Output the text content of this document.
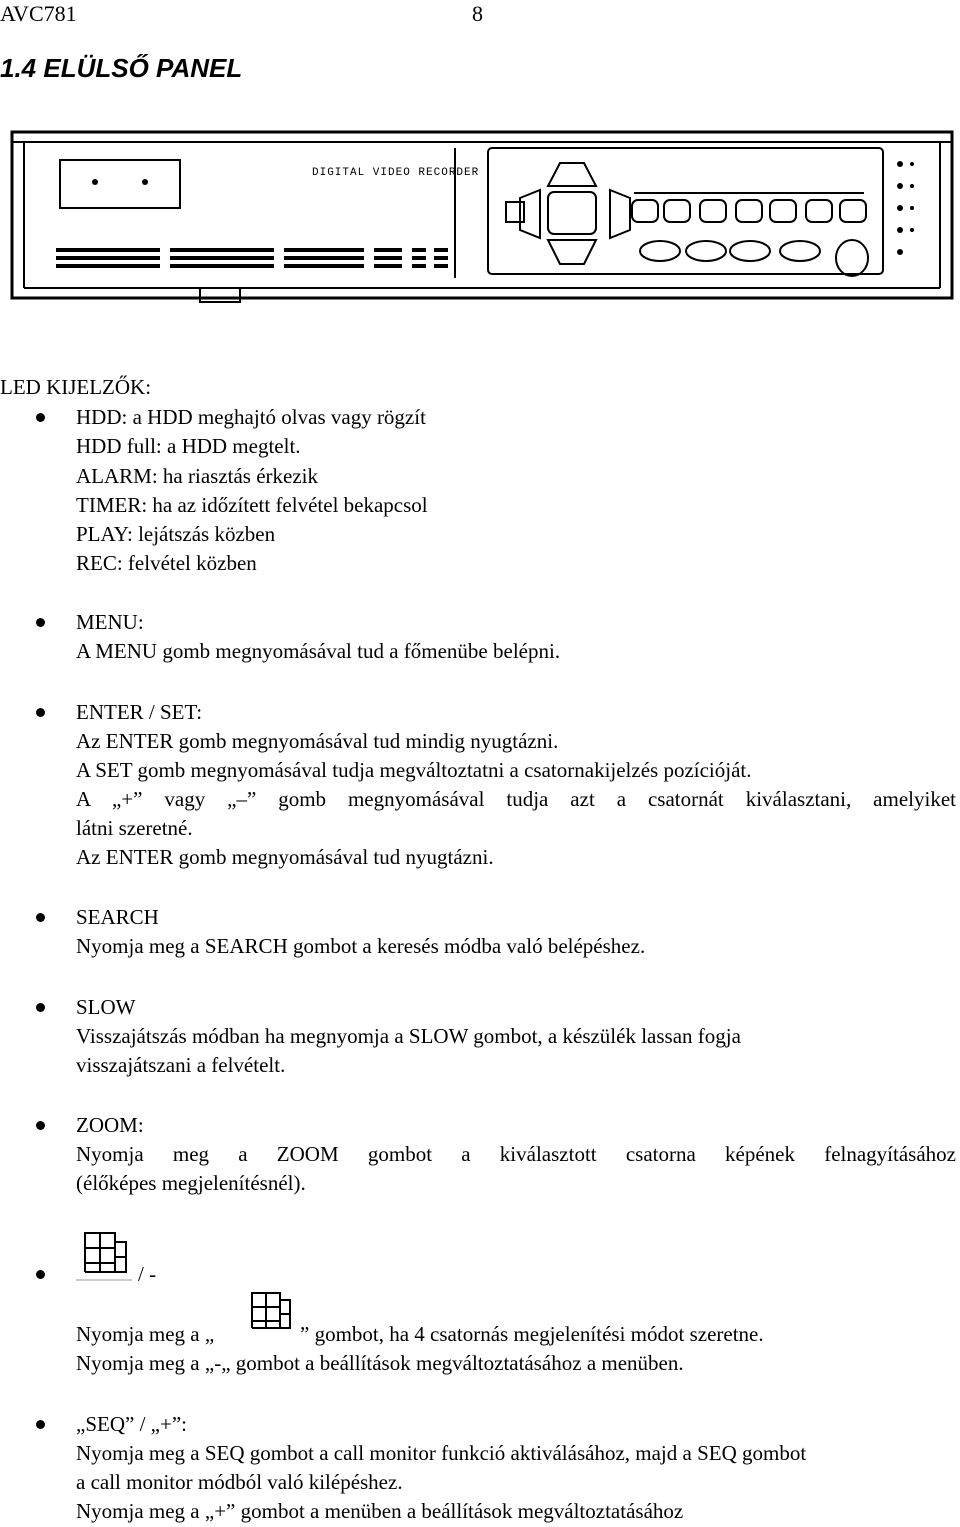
AVC781	8
1.4 ELÜLSŐ PANEL
DIGITAL VIDEO RECORDER
LED KIJELZŐK:
HDD: a HDD meghajtó olvas vagy rögzít
HDD full: a HDD megtelt.
ALARM: ha riasztás érkezik
TIMER: ha az időzített felvétel bekapcsol
PLAY: lejátszás közben
REC: felvétel közben
MENU:
A MENU gomb megnyomásával tud a főmenübe belépni.
ENTER / SET:
Az ENTER gomb megnyomásával tud mindig nyugtázni.
A SET gomb megnyomásával tudja megváltoztatni a csatornakijelzés pozícióját.
A „+” vagy „–” gomb megnyomásával tudja azt a csatornát kiválasztani, amelyiket
látni szeretné.
Az ENTER gomb megnyomásával tud nyugtázni.
SEARCH
Nyomja meg a SEARCH gombot a keresés módba való belépéshez.
SLOW
Visszajátszás módban ha megnyomja a SLOW gombot, a készülék lassan fogja
visszajátszani a felvételt.
ZOOM:
Nyomja meg a ZOOM gombot a kiválasztott csatorna képének felnagyításához
(élőképes megjelenítésnél).
/ -
Nyomja meg a „	” gombot, ha 4 csatornás megjelenítési módot szeretne.
Nyomja meg a „-„ gombot a beállítások megváltoztatásához a menüben.
„SEQ” / „+”:
Nyomja meg a SEQ gombot a call monitor funkció aktiválásához, majd a SEQ gombot
a call monitor módból való kilépéshez.
Nyomja meg a „+” gombot a menüben a beállítások megváltoztatásához
